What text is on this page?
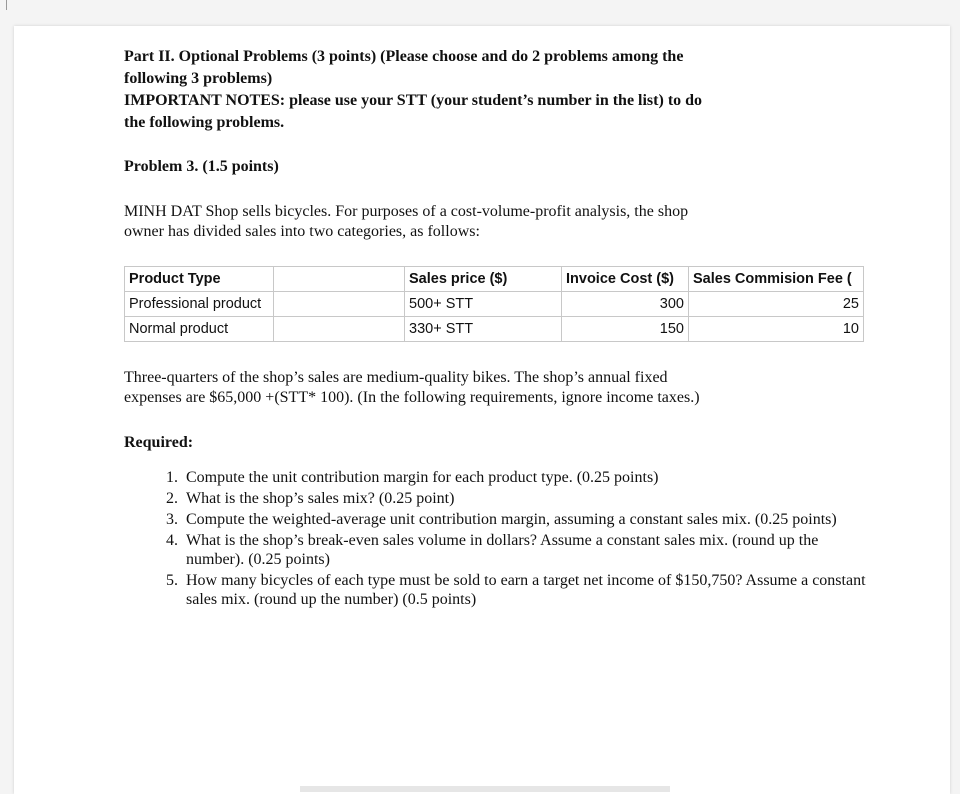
Part II. Optional Problems (3 points) (Please choose and do 2 problems among the

following 3 problems)

IMPORTANT NOTES: please use your STT (your student’s number in the list) to do

the following problems.

Problem 3. (1.5 points)

MINH DAT Shop sells bicycles. For purposes of a cost-volume-profit analysis, the shop

owner has divided sales into two categories, as follows:

Product Type		Sales price ($)	Invoice Cost ($)	Sales Commision Fee (
Professional product		500+ STT	300	25
Normal product		330+ STT	150	10

Three-quarters of the shop’s sales are medium-quality bikes. The shop’s annual fixed

expenses are $65,000 +(STT* 100). (In the following requirements, ignore income taxes.)

Required:
1. Compute the unit contribution margin for each product type. (0.25 points)
2. What is the shop’s sales mix? (0.25 point)
3. Compute the weighted-average unit contribution margin, assuming a constant sales mix. (0.25 points)
4. What is the shop’s break-even sales volume in dollars? Assume a constant sales mix. (round up the number). (0.25 points)
5. How many bicycles of each type must be sold to earn a target net income of $150,750? Assume a constant sales mix. (round up the number) (0.5 points)
